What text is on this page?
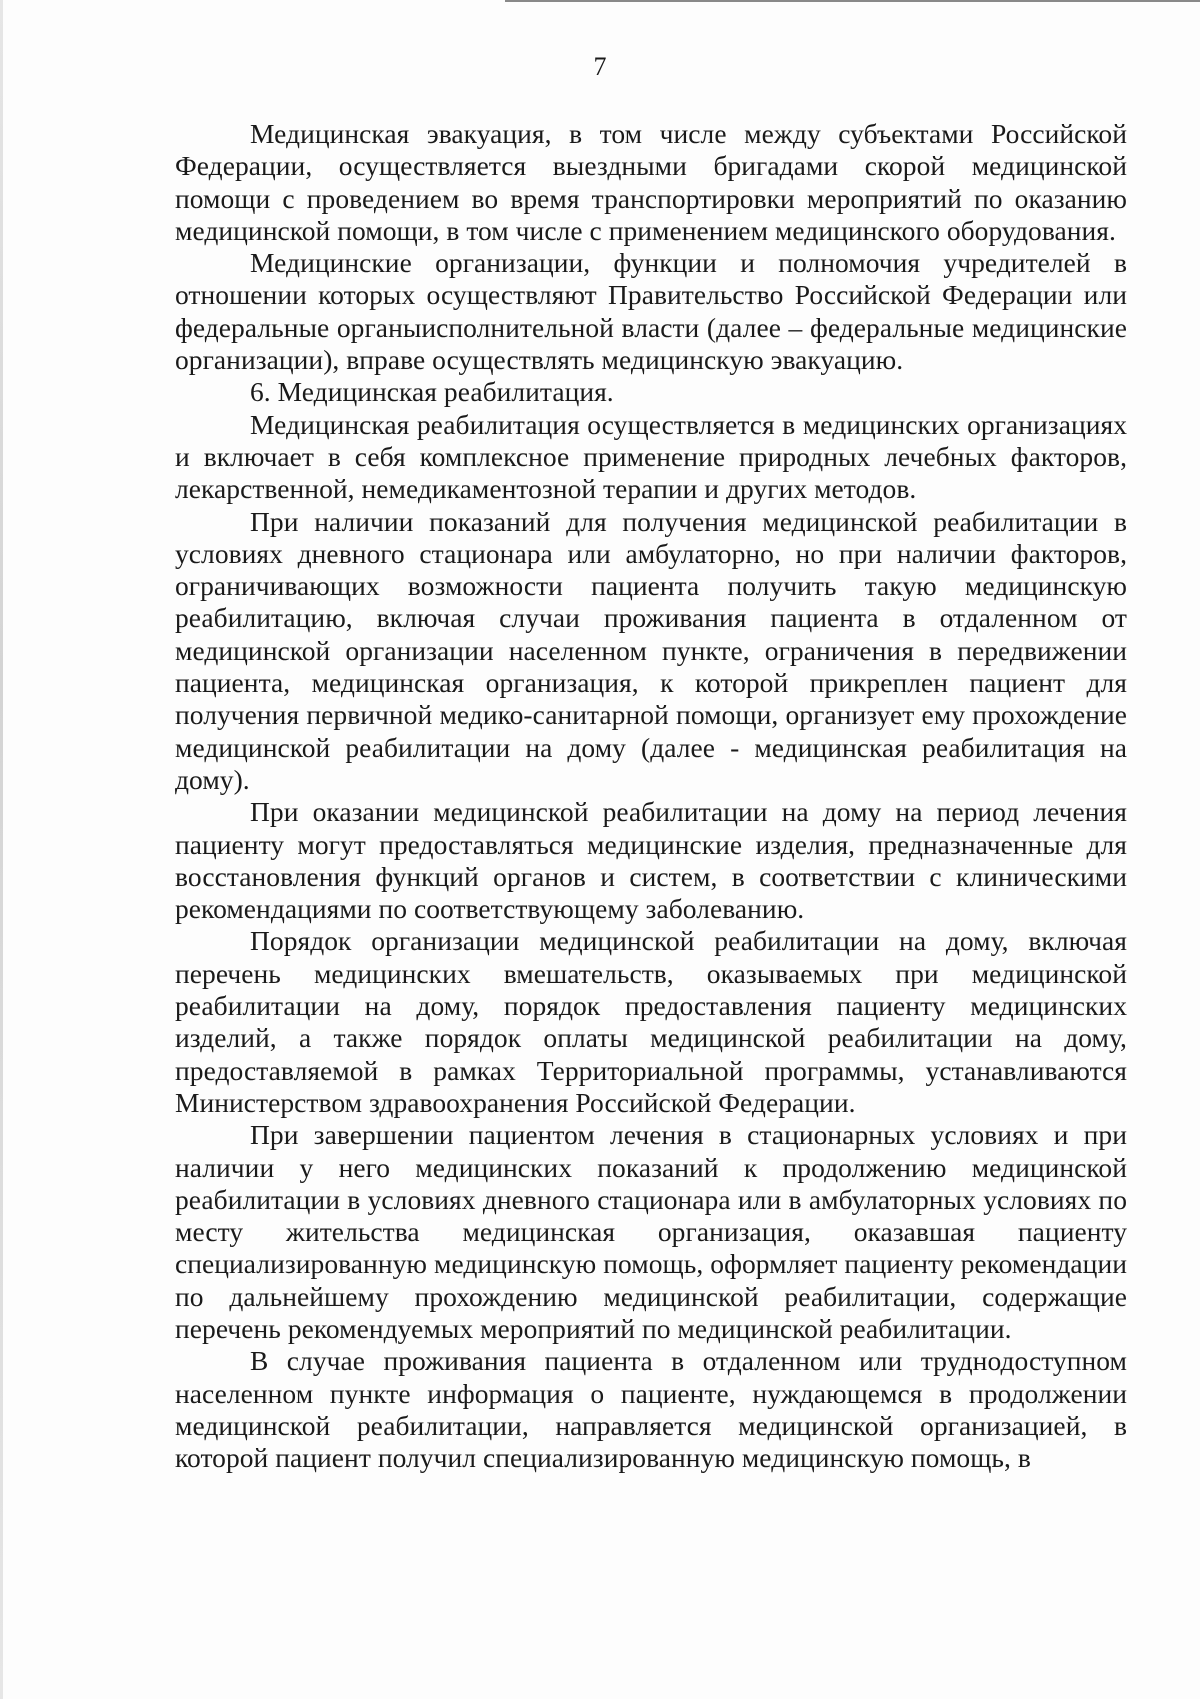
7

Медицинская эвакуация, в том числе между субъектами Российской Федерации, осуществляется выездными бригадами скорой медицинской помощи с проведением во время транспортировки мероприятий по оказанию медицинской помощи, в том числе с применением медицинского оборудования.

Медицинские организации, функции и полномочия учредителей в отношении которых осуществляют Правительство Российской Федерации или федеральные органыисполнительной власти (далее – федеральные медицинские организации), вправе осуществлять медицинскую эвакуацию.

6. Медицинская реабилитация.

Медицинская реабилитация осуществляется в медицинских организациях и включает в себя комплексное применение природных лечебных факторов, лекарственной, немедикаментозной терапии и других методов.

При наличии показаний для получения медицинской реабилитации в условиях дневного стационара или амбулаторно, но при наличии факторов, ограничивающих возможности пациента получить такую медицинскую реабилитацию, включая случаи проживания пациента в отдаленном от медицинской организации населенном пункте, ограничения в передвижении пациента, медицинская организация, к которой прикреплен пациент для получения первичной медико-санитарной помощи, организует ему прохождение медицинской реабилитации на дому (далее - медицинская реабилитация на дому).

При оказании медицинской реабилитации на дому на период лечения пациенту могут предоставляться медицинские изделия, предназначенные для восстановления функций органов и систем, в соответствии с клиническими рекомендациями по соответствующему заболеванию.

Порядок организации медицинской реабилитации на дому, включая перечень медицинских вмешательств, оказываемых при медицинской реабилитации на дому, порядок предоставления пациенту медицинских изделий, а также порядок оплаты медицинской реабилитации на дому, предоставляемой в рамках Территориальной программы, устанавливаются Министерством здравоохранения Российской Федерации.

При завершении пациентом лечения в стационарных условиях и при наличии у него медицинских показаний к продолжению медицинской реабилитации в условиях дневного стационара или в амбулаторных условиях по месту жительства медицинская организация, оказавшая пациенту специализированную медицинскую помощь, оформляет пациенту рекомендации по дальнейшему прохождению медицинской реабилитации, содержащие перечень рекомендуемых мероприятий по медицинской реабилитации.

В случае проживания пациента в отдаленном или труднодоступном населенном пункте информация о пациенте, нуждающемся в продолжении медицинской реабилитации, направляется медицинской организацией, в которой пациент получил специализированную медицинскую помощь, в
